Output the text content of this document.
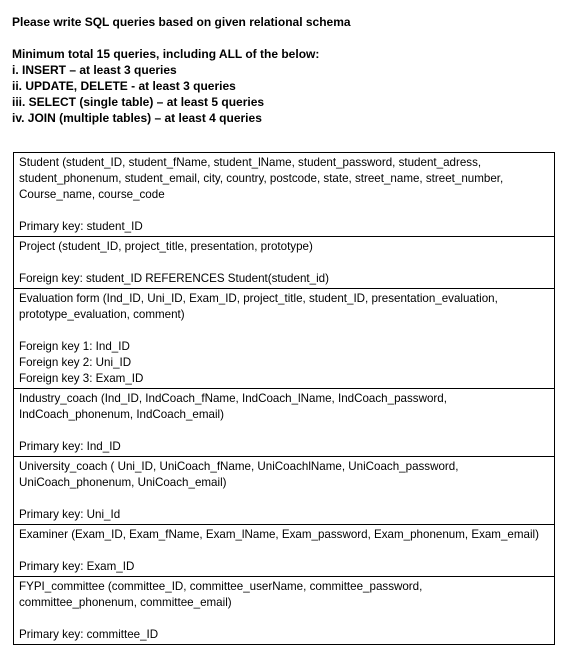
Please write SQL queries based on given relational schema
Minimum total 15 queries, including ALL of the below:
i. INSERT – at least 3 queries
ii. UPDATE, DELETE - at least 3 queries
iii. SELECT (single table) – at least 5 queries
iv. JOIN (multiple tables) – at least 4 queries
Student (student_ID, student_fName, student_lName, student_password, student_adress,
student_phonenum, student_email, city, country, postcode, state, street_name, street_number,
Course_name, course_code
Primary key: student_ID
Project (student_ID, project_title, presentation, prototype)
Foreign key: student_ID REFERENCES Student(student_id)
Evaluation form (Ind_ID, Uni_ID, Exam_ID, project_title, student_ID, presentation_evaluation,
prototype_evaluation, comment)
Foreign key 1: Ind_ID
Foreign key 2: Uni_ID
Foreign key 3: Exam_ID
Industry_coach (Ind_ID, IndCoach_fName, IndCoach_lName, IndCoach_password,
IndCoach_phonenum, IndCoach_email)
Primary key: Ind_ID
University_coach ( Uni_ID, UniCoach_fName, UniCoachlName, UniCoach_password,
UniCoach_phonenum, UniCoach_email)
Primary key: Uni_Id
Examiner (Exam_ID, Exam_fName, Exam_lName, Exam_password, Exam_phonenum, Exam_email)
Primary key: Exam_ID
FYPI_committee (committee_ID, committee_userName, committee_password,
committee_phonenum, committee_email)
Primary key: committee_ID
